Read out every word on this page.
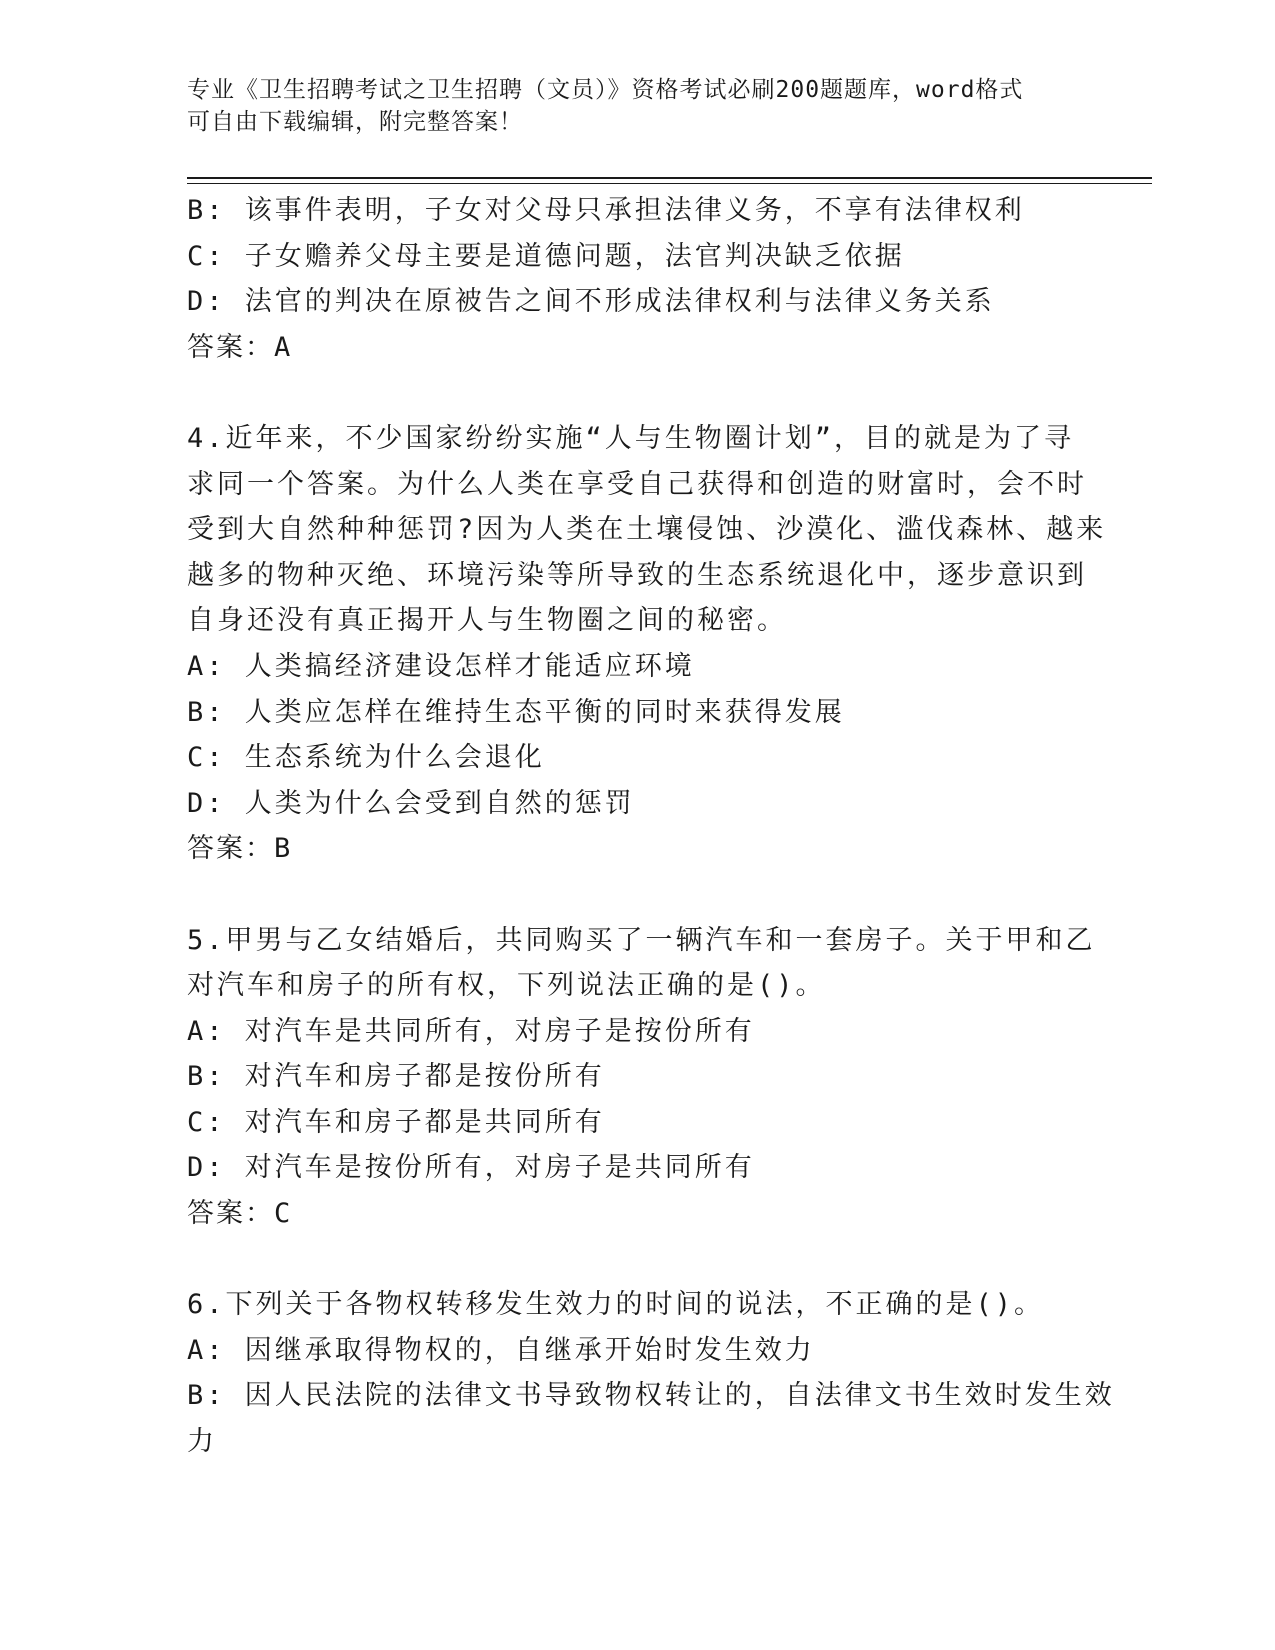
专业《卫生招聘考试之卫生招聘（文员）》资格考试必刷200题题库，word格式
可自由下载编辑，附完整答案！
B: 该事件表明，子女对父母只承担法律义务，不享有法律权利
C: 子女赡养父母主要是道德问题，法官判决缺乏依据
D: 法官的判决在原被告之间不形成法律权利与法律义务关系
答案：A
4.近年来，不少国家纷纷实施“人与生物圈计划”，目的就是为了寻
求同一个答案。为什么人类在享受自己获得和创造的财富时，会不时
受到大自然种种惩罚?因为人类在土壤侵蚀、沙漠化、滥伐森林、越来
越多的物种灭绝、环境污染等所导致的生态系统退化中，逐步意识到
自身还没有真正揭开人与生物圈之间的秘密。
A: 人类搞经济建设怎样才能适应环境
B: 人类应怎样在维持生态平衡的同时来获得发展
C: 生态系统为什么会退化
D: 人类为什么会受到自然的惩罚
答案：B
5.甲男与乙女结婚后，共同购买了一辆汽车和一套房子。关于甲和乙
对汽车和房子的所有权，下列说法正确的是()。
A: 对汽车是共同所有，对房子是按份所有
B: 对汽车和房子都是按份所有
C: 对汽车和房子都是共同所有
D: 对汽车是按份所有，对房子是共同所有
答案：C
6.下列关于各物权转移发生效力的时间的说法，不正确的是()。
A: 因继承取得物权的，自继承开始时发生效力
B: 因人民法院的法律文书导致物权转让的，自法律文书生效时发生效
力
